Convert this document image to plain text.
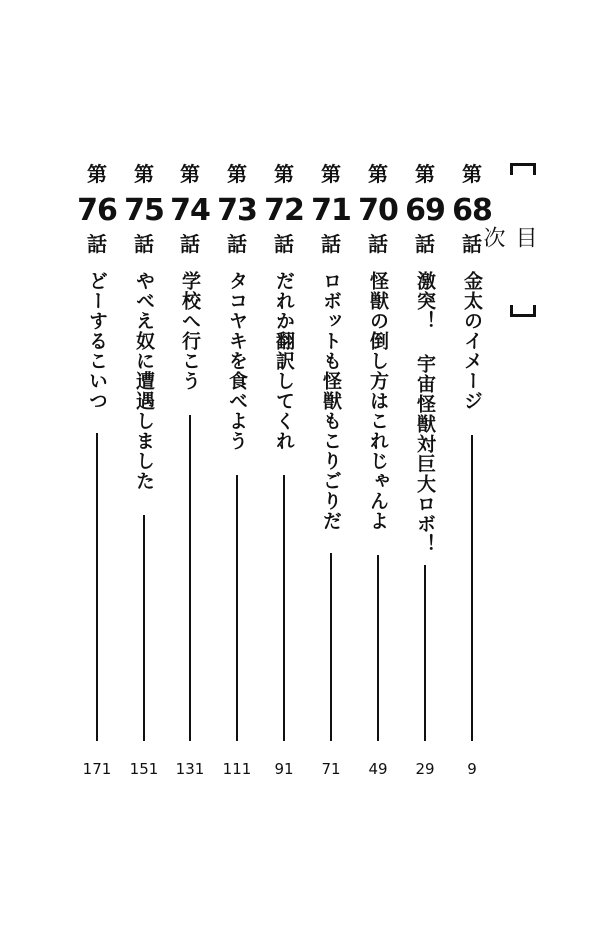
目 次
第
68
話
金太のイメージ
9
第
69
話
激突！ 宇宙怪獣対巨大ロボ！
29
第
70
話
怪獣の倒し方はこれじゃんよ
49
第
71
話
ロボットも怪獣もこりごりだ
71
第
72
話
だれか翻訳してくれ
91
第
73
話
タコヤキを食べよう
111
第
74
話
学校へ行こう
131
第
75
話
やべえ奴に遭遇しました
151
第
76
話
どーするこいつ
171
